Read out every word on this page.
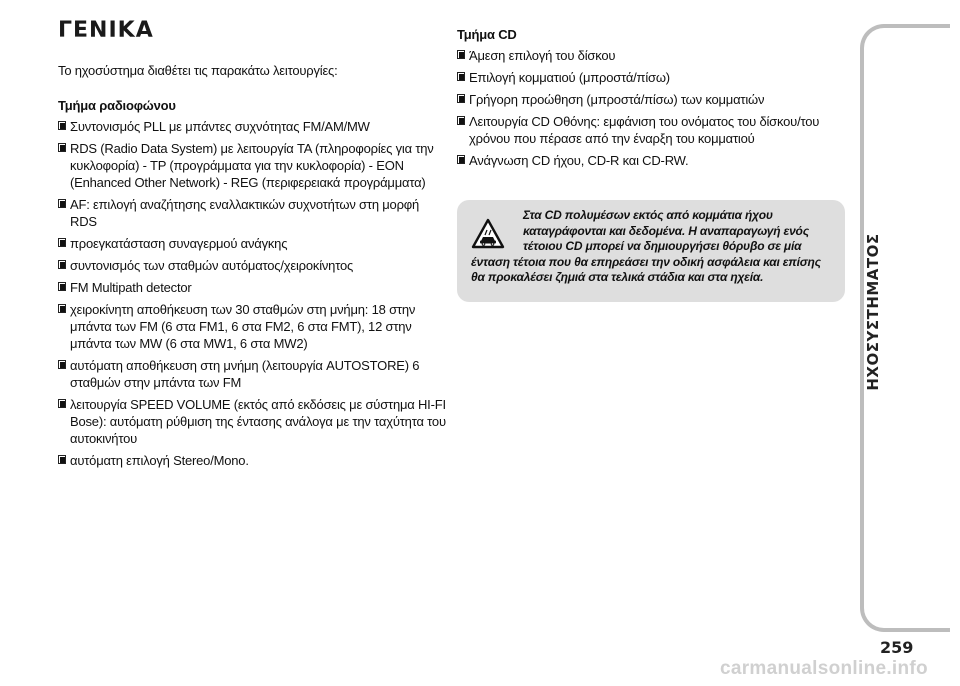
ΓΕΝΙΚΑ

Το ηχοσύστημα διαθέτει τις παρακάτω λειτουργίες:

Τμήμα ραδιοφώνου

Συντονισμός PLL με μπάντες συχνότητας FM/AM/MW
RDS (Radio Data System) με λειτουργία TA (πληροφορίες για την κυκλοφορία) - TP (προγράμματα για την κυκλοφορία) - EON (Enhanced Other Network) - REG (περιφερειακά προγράμματα)
AF: επιλογή αναζήτησης εναλλακτικών συχνοτήτων στη μορφή RDS
προεγκατάσταση συναγερμού ανάγκης
συντονισμός των σταθμών αυτόματος/χειροκίνητος
FM Multipath detector
χειροκίνητη αποθήκευση των 30 σταθμών στη μνήμη: 18 στην μπάντα των FM (6 στα FM1, 6 στα FM2, 6 στα FMT), 12 στην μπάντα των MW (6 στα MW1, 6 στα MW2)
αυτόματη αποθήκευση στη μνήμη (λειτουργία AUTOSTORE) 6 σταθμών στην μπάντα των FM
λειτουργία SPEED VOLUME (εκτός από εκδόσεις με σύστημα HI-FI Bose): αυτόματη ρύθμιση της έντασης ανάλογα με την ταχύτητα του αυτοκινήτου
αυτόματη επιλογή Stereo/Mono.

Τμήμα CD

Άμεση επιλογή του δίσκου
Επιλογή κομματιού (μπροστά/πίσω)
Γρήγορη προώθηση (μπροστά/πίσω) των κομματιών
Λειτουργία CD Οθόνης: εμφάνιση του ονόματος του δίσκου/του χρόνου που πέρασε από την έναρξη του κομματιού
Ανάγνωση CD ήχου, CD-R και CD-RW.
Στα CD πολυμέσων εκτός από κομμάτια ήχου
καταγράφονται και δεδομένα. Η αναπαραγωγή ενός
τέτοιου CD μπορεί να δημιουργήσει θόρυβο σε μία
ένταση τέτοια που θα επηρεάσει την οδική ασφάλεια και επίσης
θα προκαλέσει ζημιά στα τελικά στάδια και στα ηχεία.	ΗΧΟΣΥΣΤΗΜΑΤΟΣ
259
carmanualsonline.info
